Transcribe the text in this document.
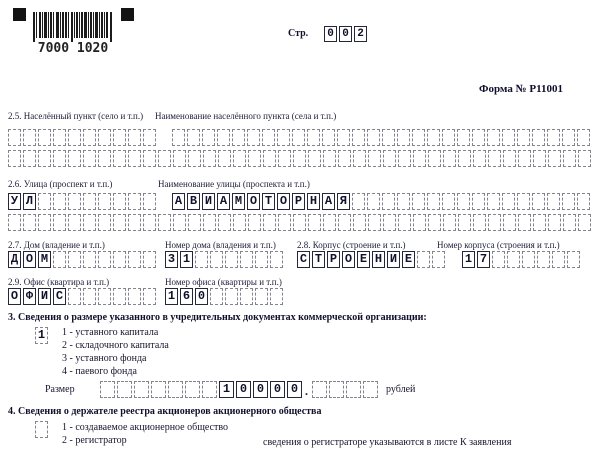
7000 1020
Стр. 0 0 2
Форма № Р11001
2.5. Населённый пункт (село и т.п.) Наименование населённого пункта (села и т.п.)
2.6. Улица (проспект и т.п.)	Наименование улицы (проспекта и т.п.)
У Л	А В И А М О Т О Р Н А Я
2.7. Дом (владение и т.п.)	Номер дома (владения и т.п.) 2.8. Корпус (строение и т.п.)	Номер корпуса (строения и т.п.)
Д О М	3 1	С Т Р О Е Н И Е	1 7
2.9. Офис (квартира и т.п.)	Номер офиса (квартиры и т.п.)
О Ф И С	1 6 0
3. Сведения о размере указанного в учредительных документах коммерческой организации:
1 1 - уставного капитала
2 - складочного капитала
3 - уставного фонда
4 - паевого фонда
Размер	1 0 0 0 0 .	рублей
4. Сведения о держателе реестра акционеров акционерного общества
1 - создаваемое акционерное общество
2 - регистратор	сведения о регистраторе указываются в листе К заявления
